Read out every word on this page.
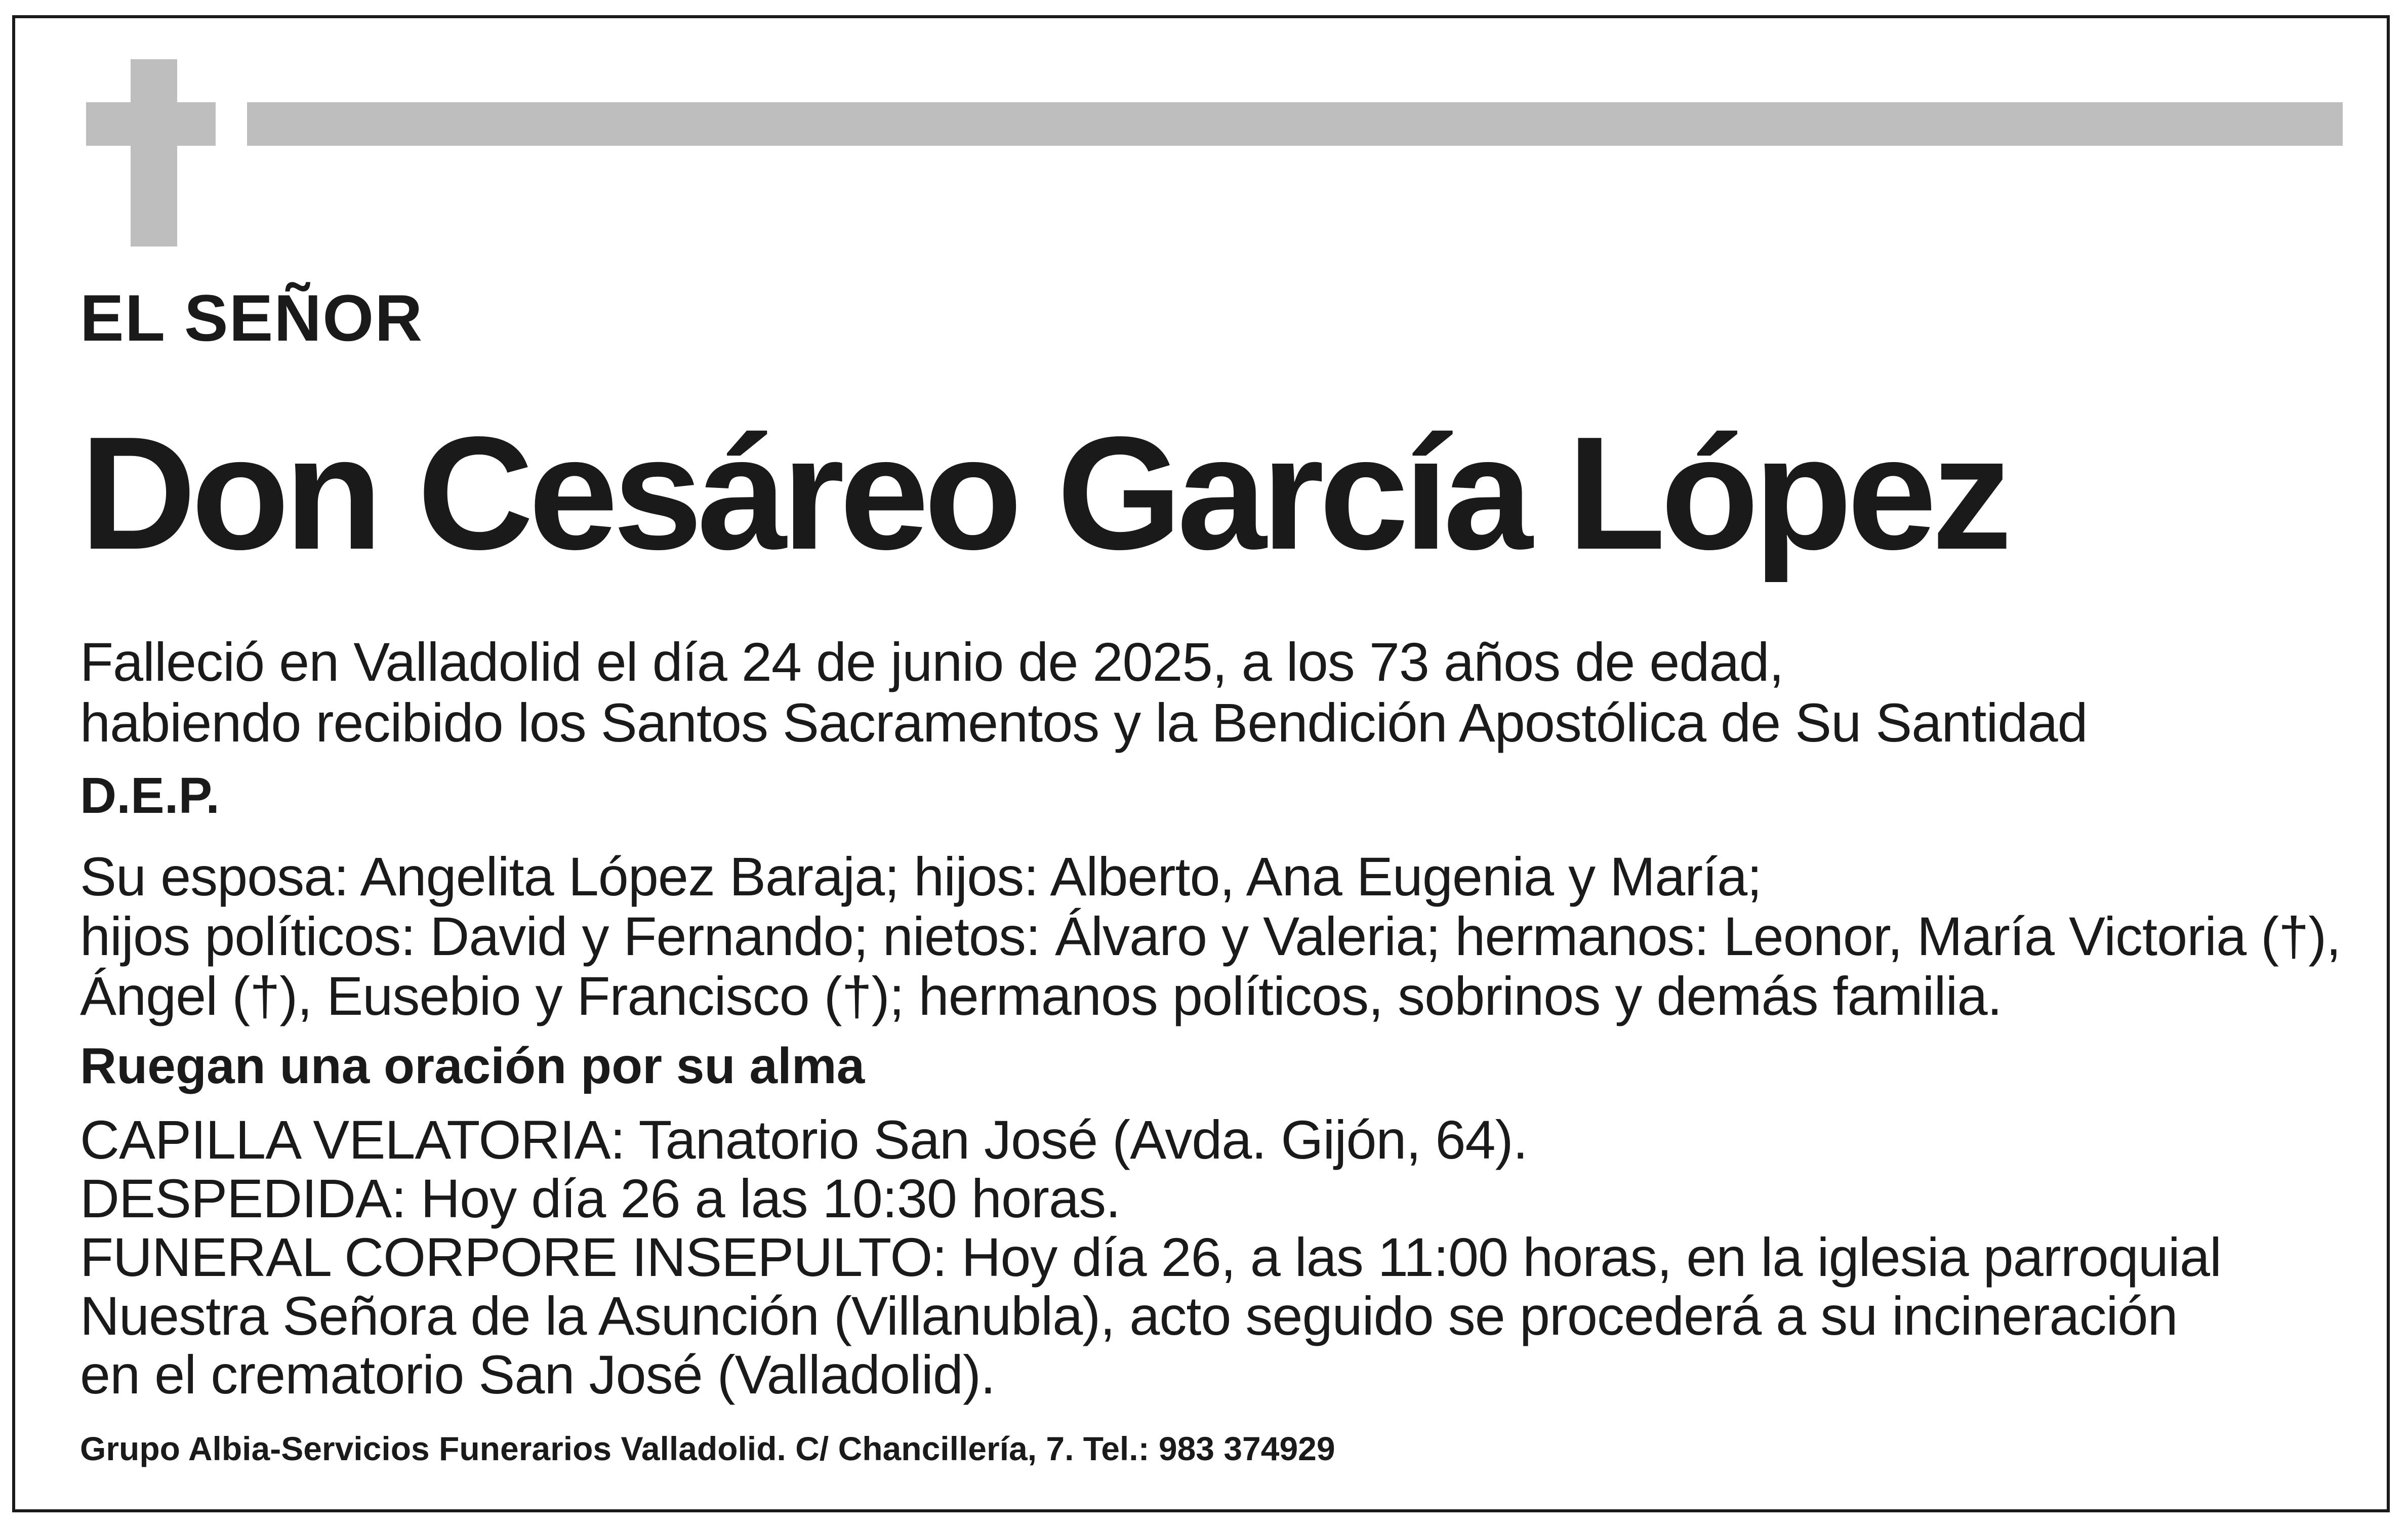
EL SEÑOR

Don Cesáreo García López

Falleció en Valladolid el día 24 de junio de 2025, a los 73 años de edad,

habiendo recibido los Santos Sacramentos y la Bendición Apostólica de Su Santidad

D.E.P.

Su esposa: Angelita López Baraja; hijos: Alberto, Ana Eugenia y María;

hijos políticos: David y Fernando; nietos: Álvaro y Valeria; hermanos: Leonor, María Victoria (†),

Ángel (†), Eusebio y Francisco (†); hermanos políticos, sobrinos y demás familia.

Ruegan una oración por su alma

CAPILLA VELATORIA: Tanatorio San José (Avda. Gijón, 64).

DESPEDIDA: Hoy día 26 a las 10:30 horas.

FUNERAL CORPORE INSEPULTO: Hoy día 26, a las 11:00 horas, en la iglesia parroquial

Nuestra Señora de la Asunción (Villanubla), acto seguido se procederá a su incineración

en el crematorio San José (Valladolid).

Grupo Albia-Servicios Funerarios Valladolid. C/ Chancillería, 7. Tel.: 983 374929
